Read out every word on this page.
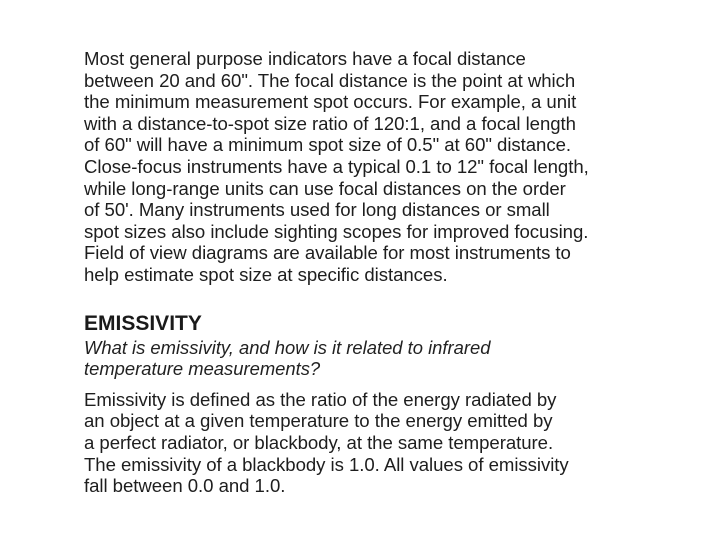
Most general purpose indicators have a focal distance
between 20 and 60". The focal distance is the point at which
the minimum measurement spot occurs. For example, a unit
with a distance-to-spot size ratio of 120:1, and a focal length
of 60" will have a minimum spot size of 0.5" at 60" distance.
Close-focus instruments have a typical 0.1 to 12" focal length,
while long-range units can use focal distances on the order
of 50'. Many instruments used for long distances or small
spot sizes also include sighting scopes for improved focusing.
Field of view diagrams are available for most instruments to
help estimate spot size at specific distances.

EMISSIVITY

What is emissivity, and how is it related to infrared
temperature measurements?

Emissivity is defined as the ratio of the energy radiated by
an object at a given temperature to the energy emitted by
a perfect radiator, or blackbody, at the same temperature.
The emissivity of a blackbody is 1.0. All values of emissivity
fall between 0.0 and 1.0.
